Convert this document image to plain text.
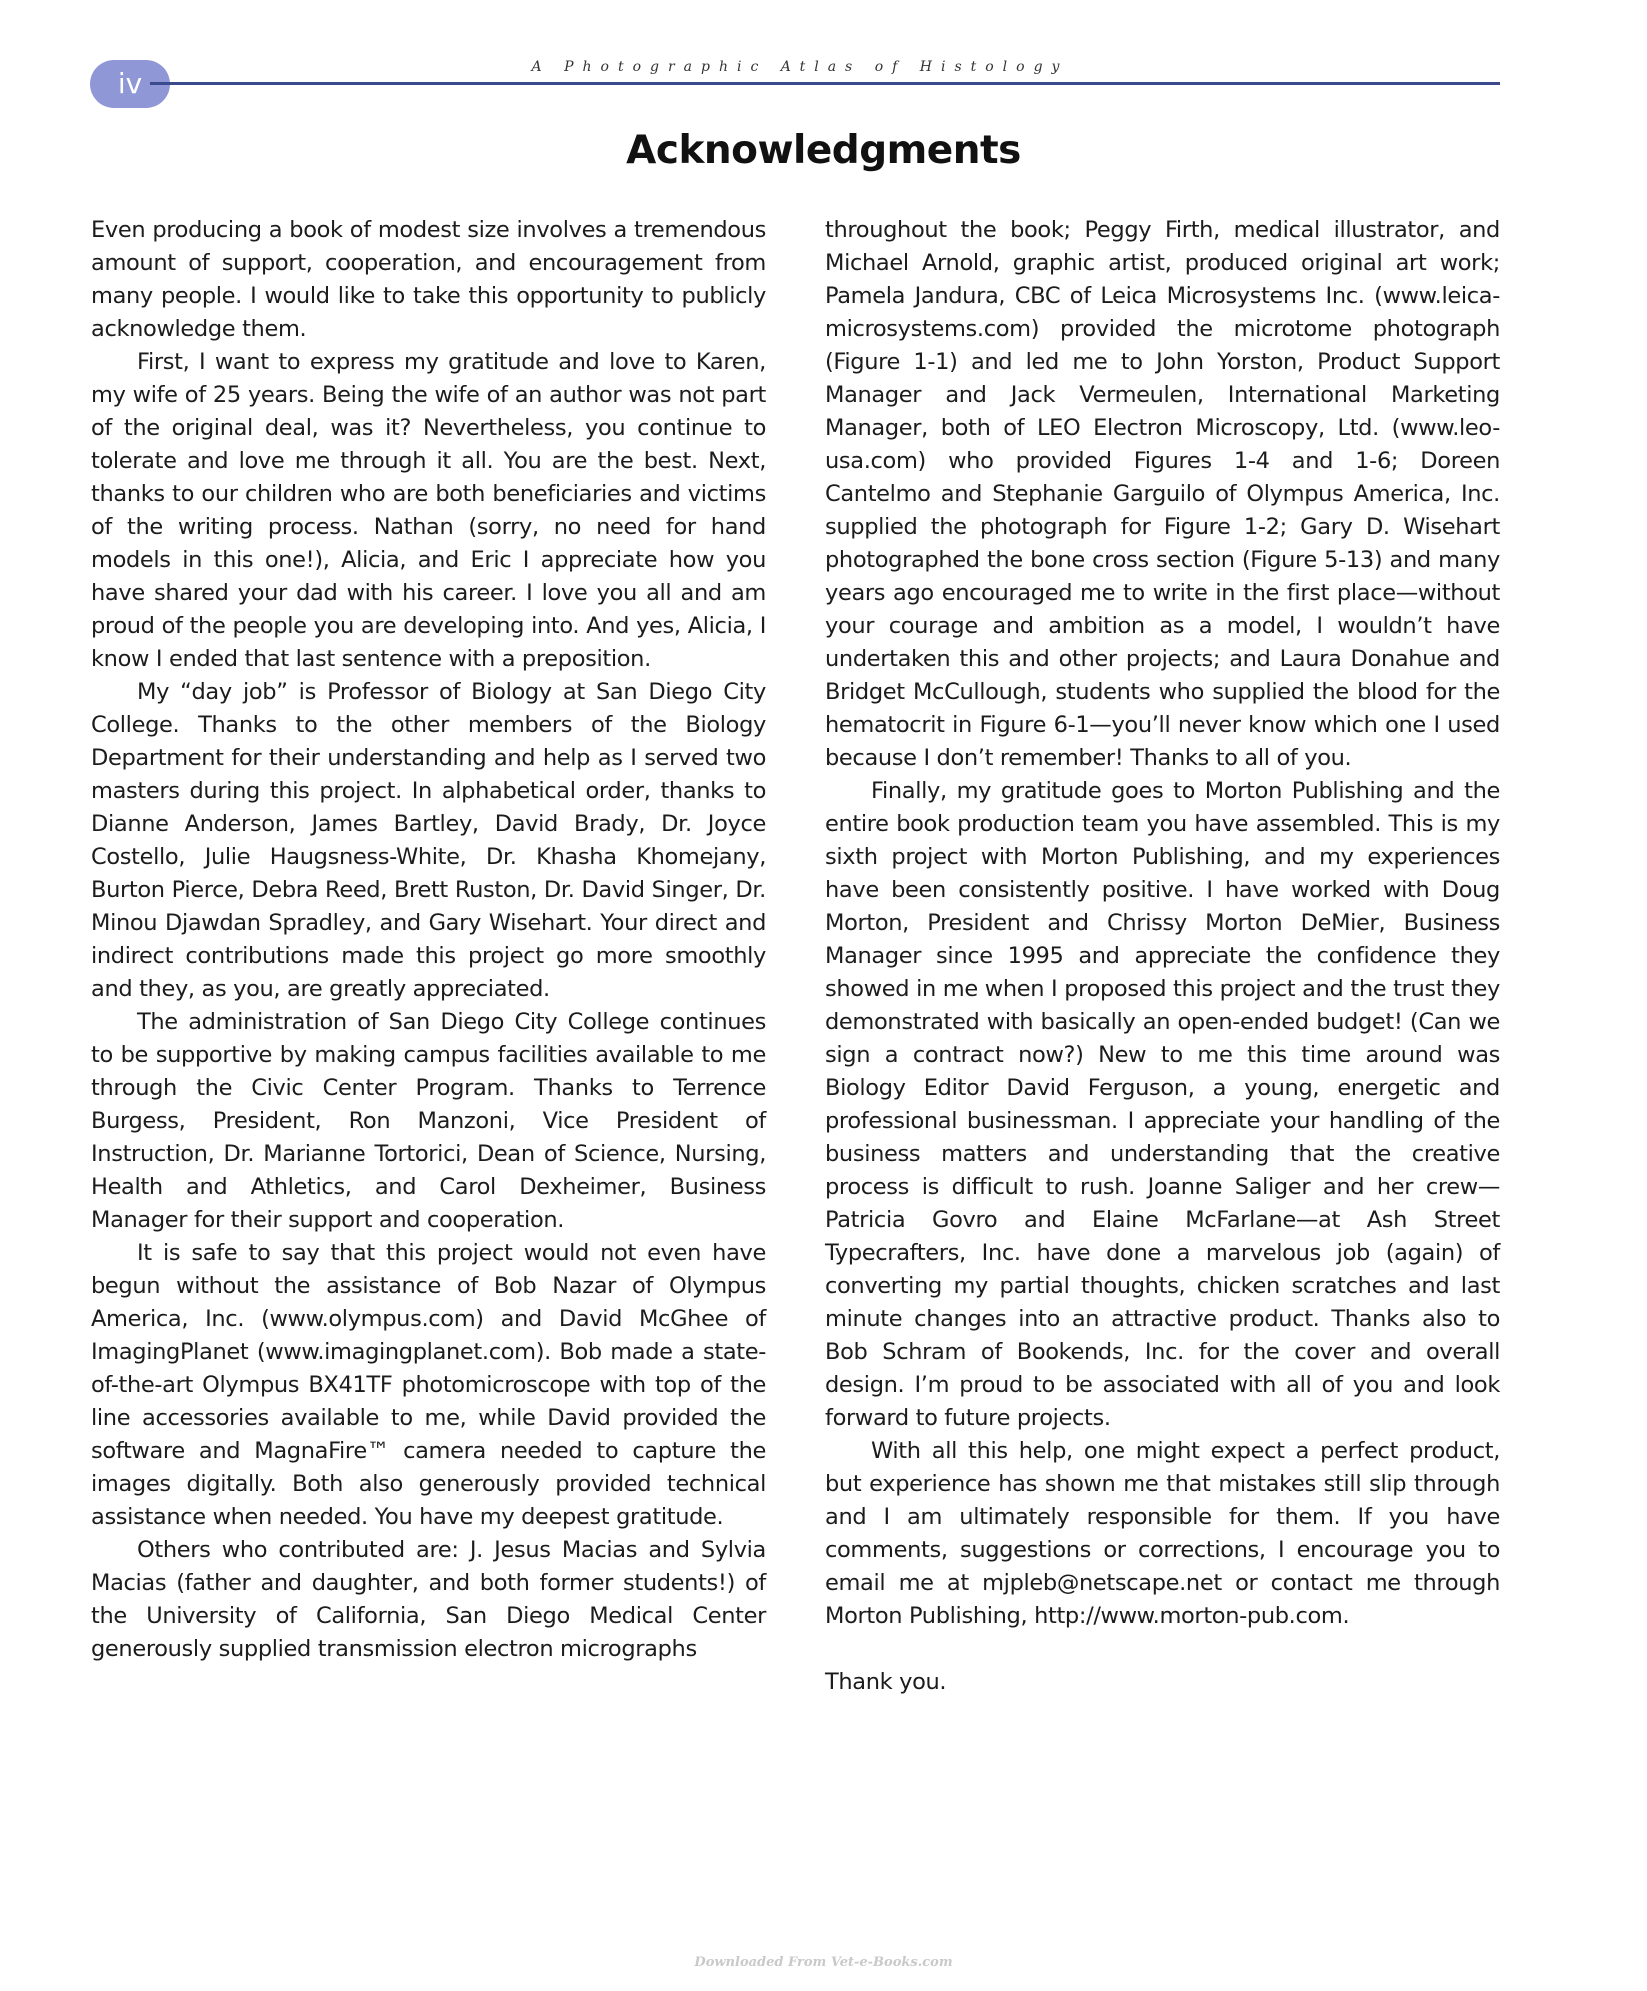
iv	A Photographic Atlas of Histology
Acknowledgments

Even producing a book of modest size involves a tremendous amount of support, cooperation, and encouragement from many people. I would like to take this opportunity to publicly acknowledge them.

First, I want to express my gratitude and love to Karen, my wife of 25 years. Being the wife of an author was not part of the original deal, was it? Nevertheless, you continue to tolerate and love me through it all. You are the best. Next, thanks to our children who are both beneficiaries and victims of the writing process. Nathan (sorry, no need for hand models in this one!), Alicia, and Eric I appreciate how you have shared your dad with his career. I love you all and am proud of the people you are developing into. And yes, Alicia, I know I ended that last sentence with a preposition.

My “day job” is Professor of Biology at San Diego City College. Thanks to the other members of the Biology Department for their understanding and help as I served two masters during this project. In alphabetical order, thanks to Dianne Anderson, James Bartley, David Brady, Dr. Joyce Costello, Julie Haugsness-White, Dr. Khasha Khomejany, Burton Pierce, Debra Reed, Brett Ruston, Dr. David Singer, Dr. Minou Djawdan Spradley, and Gary Wisehart. Your direct and indirect contributions made this project go more smoothly and they, as you, are greatly appreciated.

The administration of San Diego City College continues to be supportive by making campus facilities available to me through the Civic Center Program. Thanks to Terrence Burgess, President, Ron Manzoni, Vice President of Instruction, Dr. Marianne Tortorici, Dean of Science, Nursing, Health and Athletics, and Carol Dexheimer, Business Manager for their support and cooperation.

It is safe to say that this project would not even have begun without the assistance of Bob Nazar of Olympus America, Inc. (www.olympus.com) and David McGhee of ImagingPlanet (www.imagingplanet.com). Bob made a state-of-the-art Olympus BX41TF photomicroscope with top of the line accessories available to me, while David provided the software and MagnaFire™ camera needed to capture the images digitally. Both also generously provided technical assistance when needed. You have my deepest gratitude.

Others who contributed are: J. Jesus Macias and Sylvia Macias (father and daughter, and both former students!) of the University of California, San Diego Medical Center generously supplied transmission electron micrographs

throughout the book; Peggy Firth, medical illustrator, and Michael Arnold, graphic artist, produced original art work; Pamela Jandura, CBC of Leica Microsystems Inc. (www.leica-microsystems.com) provided the microtome photograph (Figure 1-1) and led me to John Yorston, Product Support Manager and Jack Vermeulen, International Marketing Manager, both of LEO Electron Microscopy, Ltd. (www.leo-usa.com) who provided Figures 1-4 and 1-6; Doreen Cantelmo and Stephanie Garguilo of Olympus America, Inc. supplied the photograph for Figure 1-2; Gary D. Wisehart photographed the bone cross section (Figure 5-13) and many years ago encouraged me to write in the first place—without your courage and ambition as a model, I wouldn’t have undertaken this and other projects; and Laura Donahue and Bridget McCullough, students who supplied the blood for the hematocrit in Figure 6-1—you’ll never know which one I used because I don’t remember! Thanks to all of you.

Finally, my gratitude goes to Morton Publishing and the entire book production team you have assembled. This is my sixth project with Morton Publishing, and my experiences have been consistently positive. I have worked with Doug Morton, President and Chrissy Morton DeMier, Business Manager since 1995 and appreciate the confidence they showed in me when I proposed this project and the trust they demonstrated with basically an open-ended budget! (Can we sign a contract now?) New to me this time around was Biology Editor David Ferguson, a young, energetic and professional businessman. I appreciate your handling of the business matters and understanding that the creative process is difficult to rush. Joanne Saliger and her crew—Patricia Govro and Elaine McFarlane—at Ash Street Typecrafters, Inc. have done a marvelous job (again) of converting my partial thoughts, chicken scratches and last minute changes into an attractive product. Thanks also to Bob Schram of Bookends, Inc. for the cover and overall design. I’m proud to be associated with all of you and look forward to future projects.

With all this help, one might expect a perfect product, but experience has shown me that mistakes still slip through and I am ultimately responsible for them. If you have comments, suggestions or corrections, I encourage you to email me at mjpleb@netscape.net or contact me through Morton Publishing, http://www.morton-pub.com.

Thank you.

Downloaded From Vet-e-Books.com
